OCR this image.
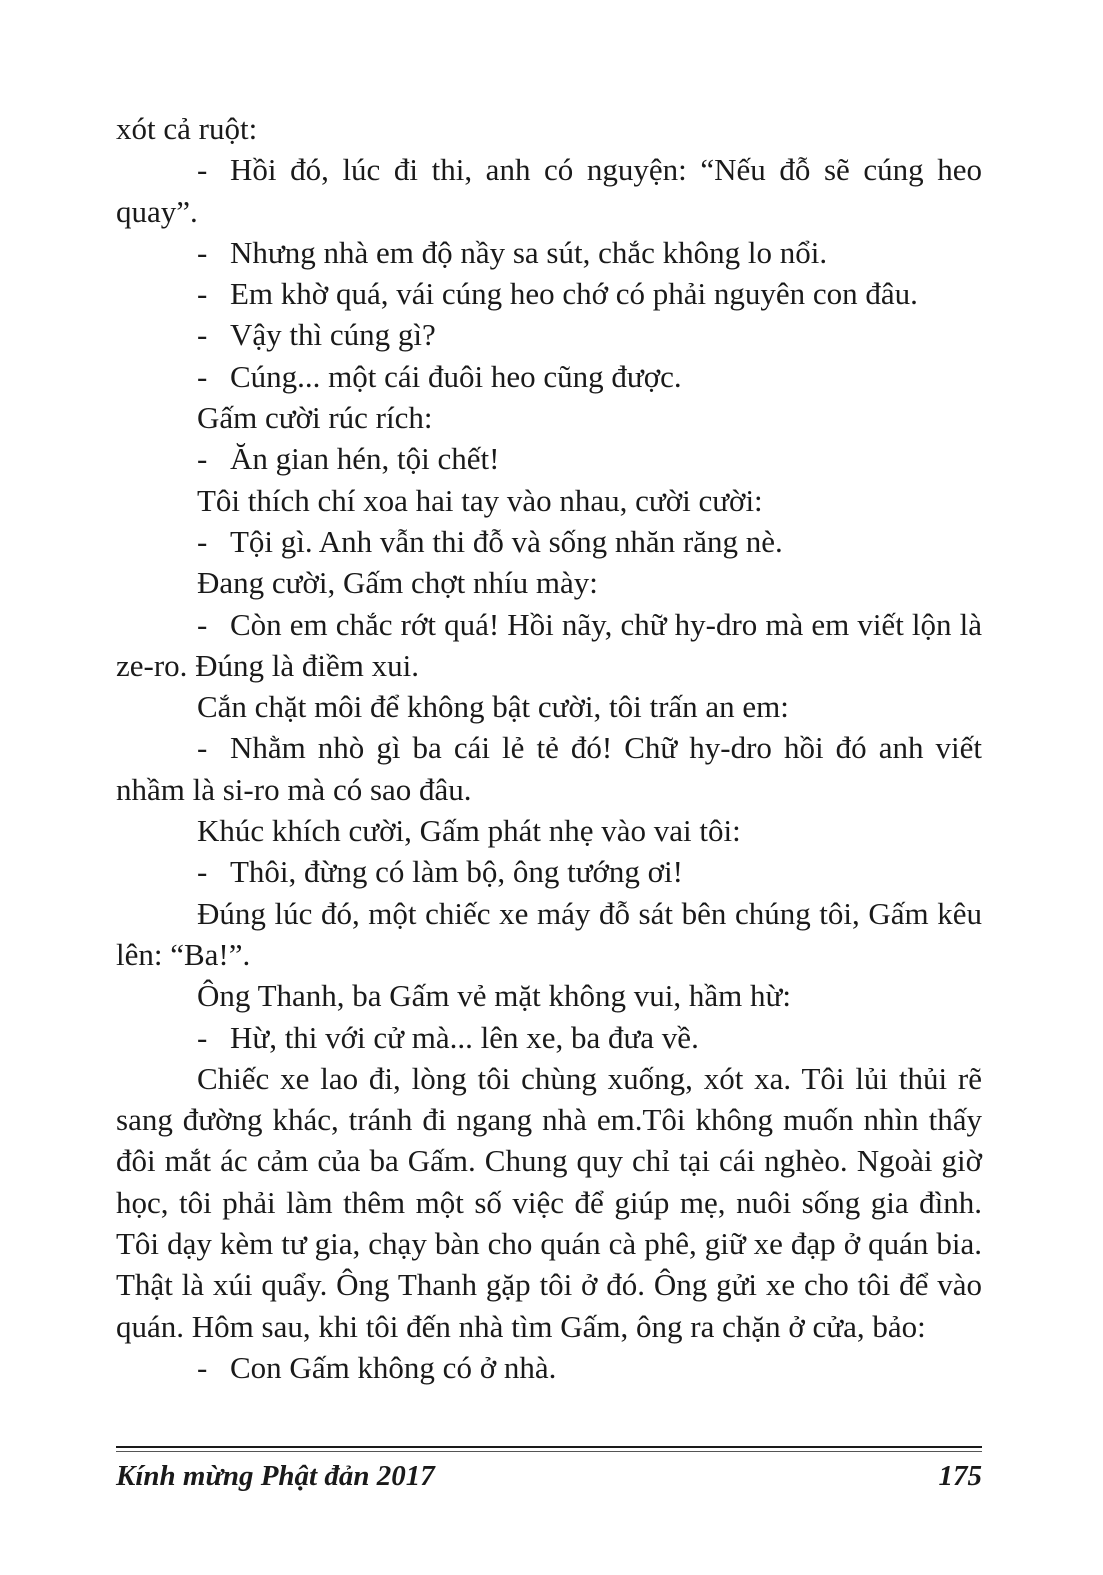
xót cả ruột:

- Hồi đó, lúc đi thi, anh có nguyện: “Nếu đỗ sẽ cúng heo quay”.

- Nhưng nhà em độ nầy sa sút, chắc không lo nổi.

- Em khờ quá, vái cúng heo chớ có phải nguyên con đâu.

- Vậy thì cúng gì?

- Cúng... một cái đuôi heo cũng được.

Gấm cười rúc rích:

- Ăn gian hén, tội chết!

Tôi thích chí xoa hai tay vào nhau, cười cười:

- Tội gì. Anh vẫn thi đỗ và sống nhăn răng nè.

Đang cười, Gấm chợt nhíu mày:

- Còn em chắc rớt quá! Hồi nãy, chữ hy-dro mà em viết lộn là ze-ro. Đúng là điềm xui.

Cắn chặt môi để không bật cười, tôi trấn an em:

- Nhằm nhò gì ba cái lẻ tẻ đó! Chữ hy-dro hồi đó anh viết nhầm là si-ro mà có sao đâu.

Khúc khích cười, Gấm phát nhẹ vào vai tôi:

- Thôi, đừng có làm bộ, ông tướng ơi!

Đúng lúc đó, một chiếc xe máy đỗ sát bên chúng tôi, Gấm kêu lên: “Ba!”.

Ông Thanh, ba Gấm vẻ mặt không vui, hầm hừ:

- Hừ, thi với cử mà... lên xe, ba đưa về.

Chiếc xe lao đi, lòng tôi chùng xuống, xót xa. Tôi lủi thủi rẽ sang đường khác, tránh đi ngang nhà em.Tôi không muốn nhìn thấy đôi mắt ác cảm của ba Gấm. Chung quy chỉ tại cái nghèo. Ngoài giờ học, tôi phải làm thêm một số việc để giúp mẹ, nuôi sống gia đình. Tôi dạy kèm tư gia, chạy bàn cho quán cà phê, giữ xe đạp ở quán bia. Thật là xúi quẩy. Ông Thanh gặp tôi ở đó. Ông gửi xe cho tôi để vào quán. Hôm sau, khi tôi đến nhà tìm Gấm, ông ra chặn ở cửa, bảo:

- Con Gấm không có ở nhà.

Kính mừng Phật đản 2017	175
